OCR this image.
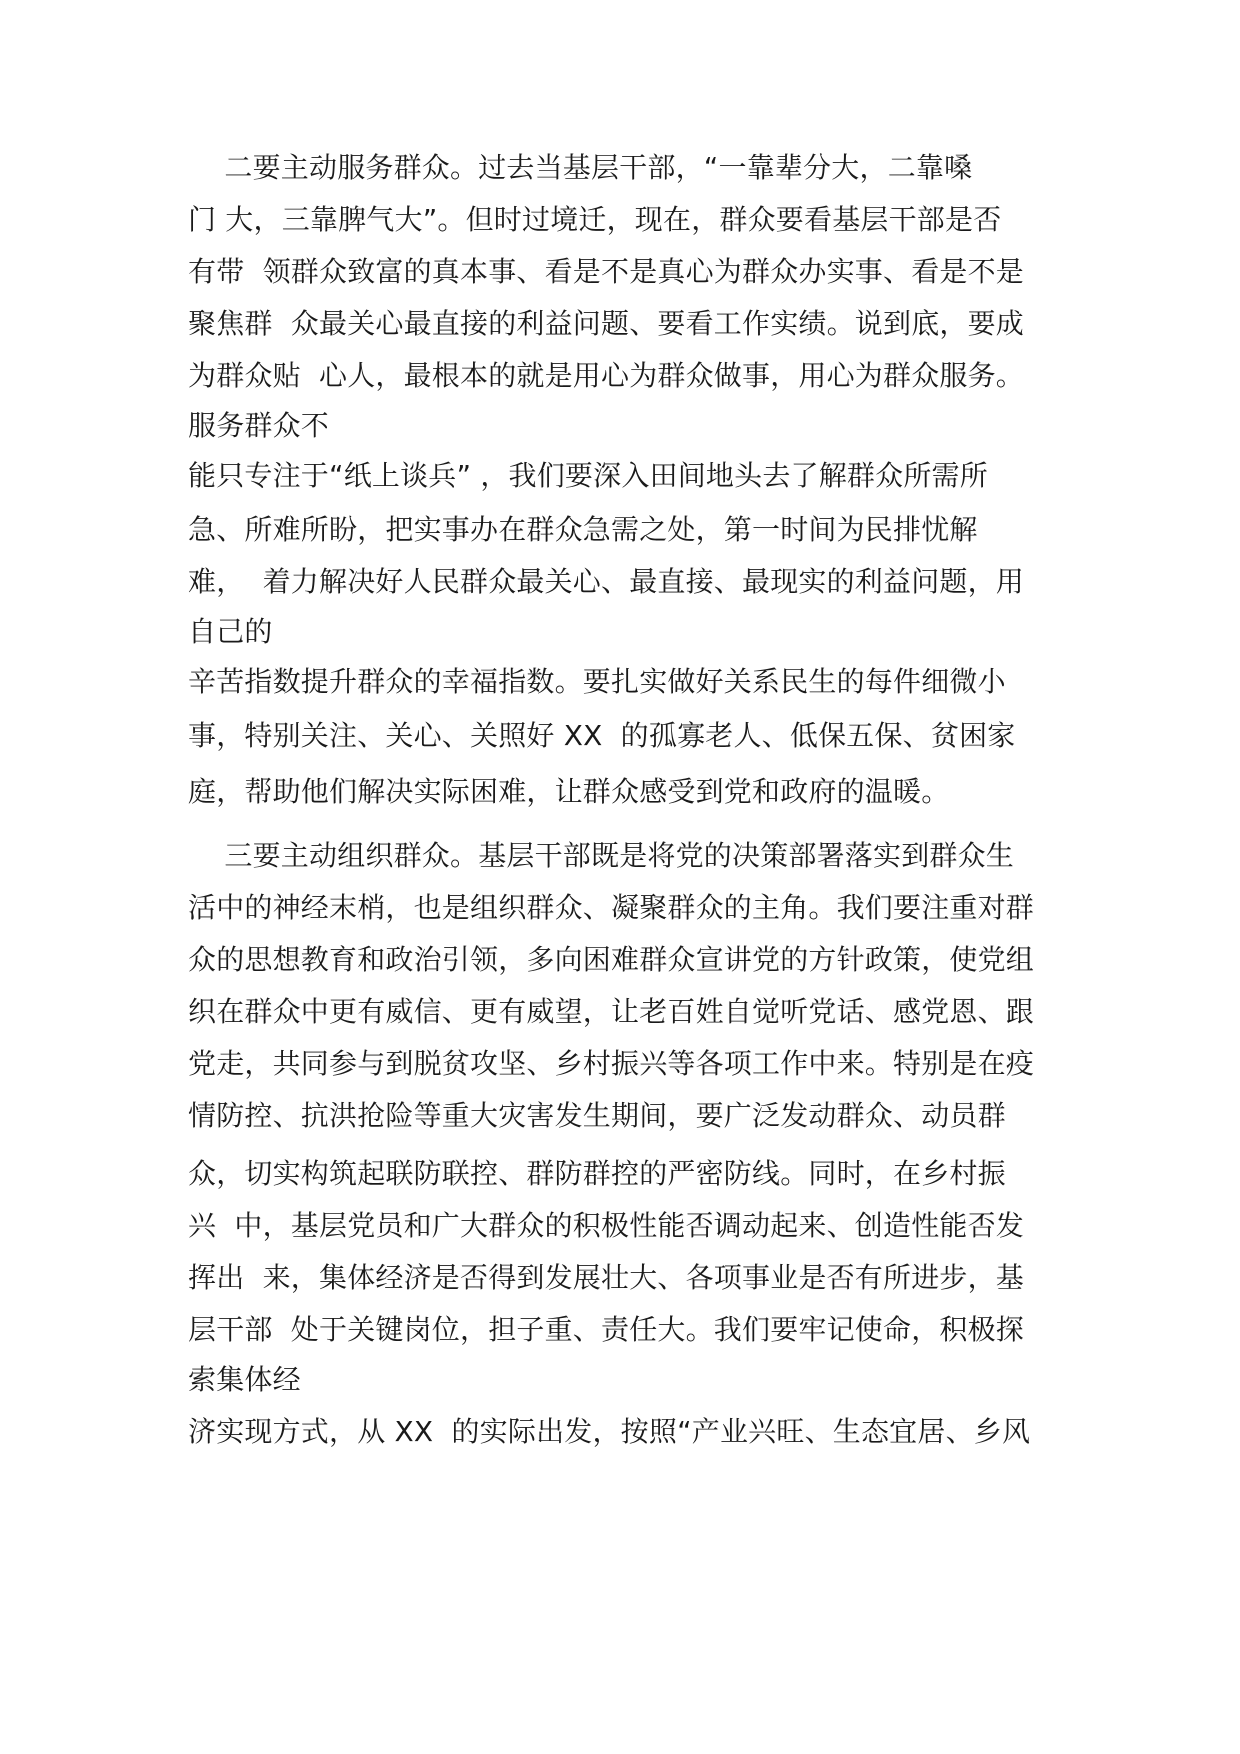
二要主动服务群众。过去当基层干部，“一靠辈分大，二靠嗓
门 大，三靠脾气大”。但时过境迁，现在，群众要看基层干部是否
有带  领群众致富的真本事、看是不是真心为群众办实事、看是不是
聚焦群  众最关心最直接的利益问题、要看工作实绩。说到底，要成
为群众贴  心人，最根本的就是用心为群众做事，用心为群众服务。
服务群众不
能只专注于“纸上谈兵” ，我们要深入田间地头去了解群众所需所
急、所难所盼，把实事办在群众急需之处，第一时间为民排忧解
难，  着力解决好人民群众最关心、最直接、最现实的利益问题，用
自己的
辛苦指数提升群众的幸福指数。要扎实做好关系民生的每件细微小
事，特别关注、关心、关照好 XX  的孤寡老人、低保五保、贫困家
庭，帮助他们解决实际困难，让群众感受到党和政府的温暖。
三要主动组织群众。基层干部既是将党的决策部署落实到群众生
活中的神经末梢，也是组织群众、凝聚群众的主角。我们要注重对群
众的思想教育和政治引领，多向困难群众宣讲党的方针政策，使党组
织在群众中更有威信、更有威望，让老百姓自觉听党话、感党恩、跟
党走，共同参与到脱贫攻坚、乡村振兴等各项工作中来。特别是在疫
情防控、抗洪抢险等重大灾害发生期间，要广泛发动群众、动员群
众，切实构筑起联防联控、群防群控的严密防线。同时，在乡村振
兴  中，基层党员和广大群众的积极性能否调动起来、创造性能否发
挥出  来，集体经济是否得到发展壮大、各项事业是否有所进步，基
层干部  处于关键岗位，担子重、责任大。我们要牢记使命，积极探
索集体经
济实现方式，从 XX  的实际出发，按照“产业兴旺、生态宜居、乡风
